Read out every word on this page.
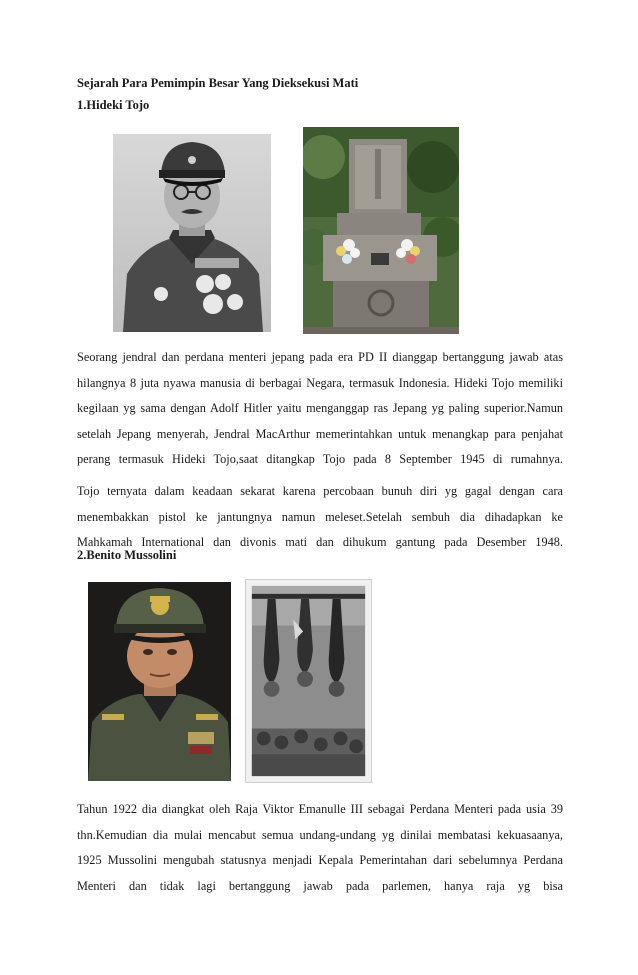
Sejarah Para Pemimpin Besar Yang Dieksekusi Mati
1.Hideki Tojo
Seorang jendral dan perdana menteri jepang pada era PD II dianggap bertanggung jawab atas
hilangnya 8 juta nyawa manusia di berbagai Negara, termasuk Indonesia. Hideki Tojo memiliki
kegilaan yg sama dengan Adolf Hitler yaitu menganggap ras Jepang yg paling superior.Namun
setelah Jepang menyerah, Jendral MacArthur memerintahkan untuk menangkap para penjahat
perang termasuk Hideki Tojo,saat ditangkap Tojo pada 8 September 1945 di rumahnya.
Tojo ternyata dalam keadaan sekarat karena percobaan bunuh diri yg gagal dengan cara
menembakkan pistol ke jantungnya namun meleset.Setelah sembuh dia dihadapkan ke
Mahkamah International dan divonis mati dan dihukum gantung pada Desember 1948.
2.Benito Mussolini
Tahun 1922 dia diangkat oleh Raja Viktor Emanulle III sebagai Perdana Menteri pada usia 39
thn.Kemudian dia mulai mencabut semua undang-undang yg dinilai membatasi kekuasaanya,
1925 Mussolini mengubah statusnya menjadi Kepala Pemerintahan dari sebelumnya Perdana
Menteri dan tidak lagi bertanggung jawab pada parlemen, hanya raja yg bisa
